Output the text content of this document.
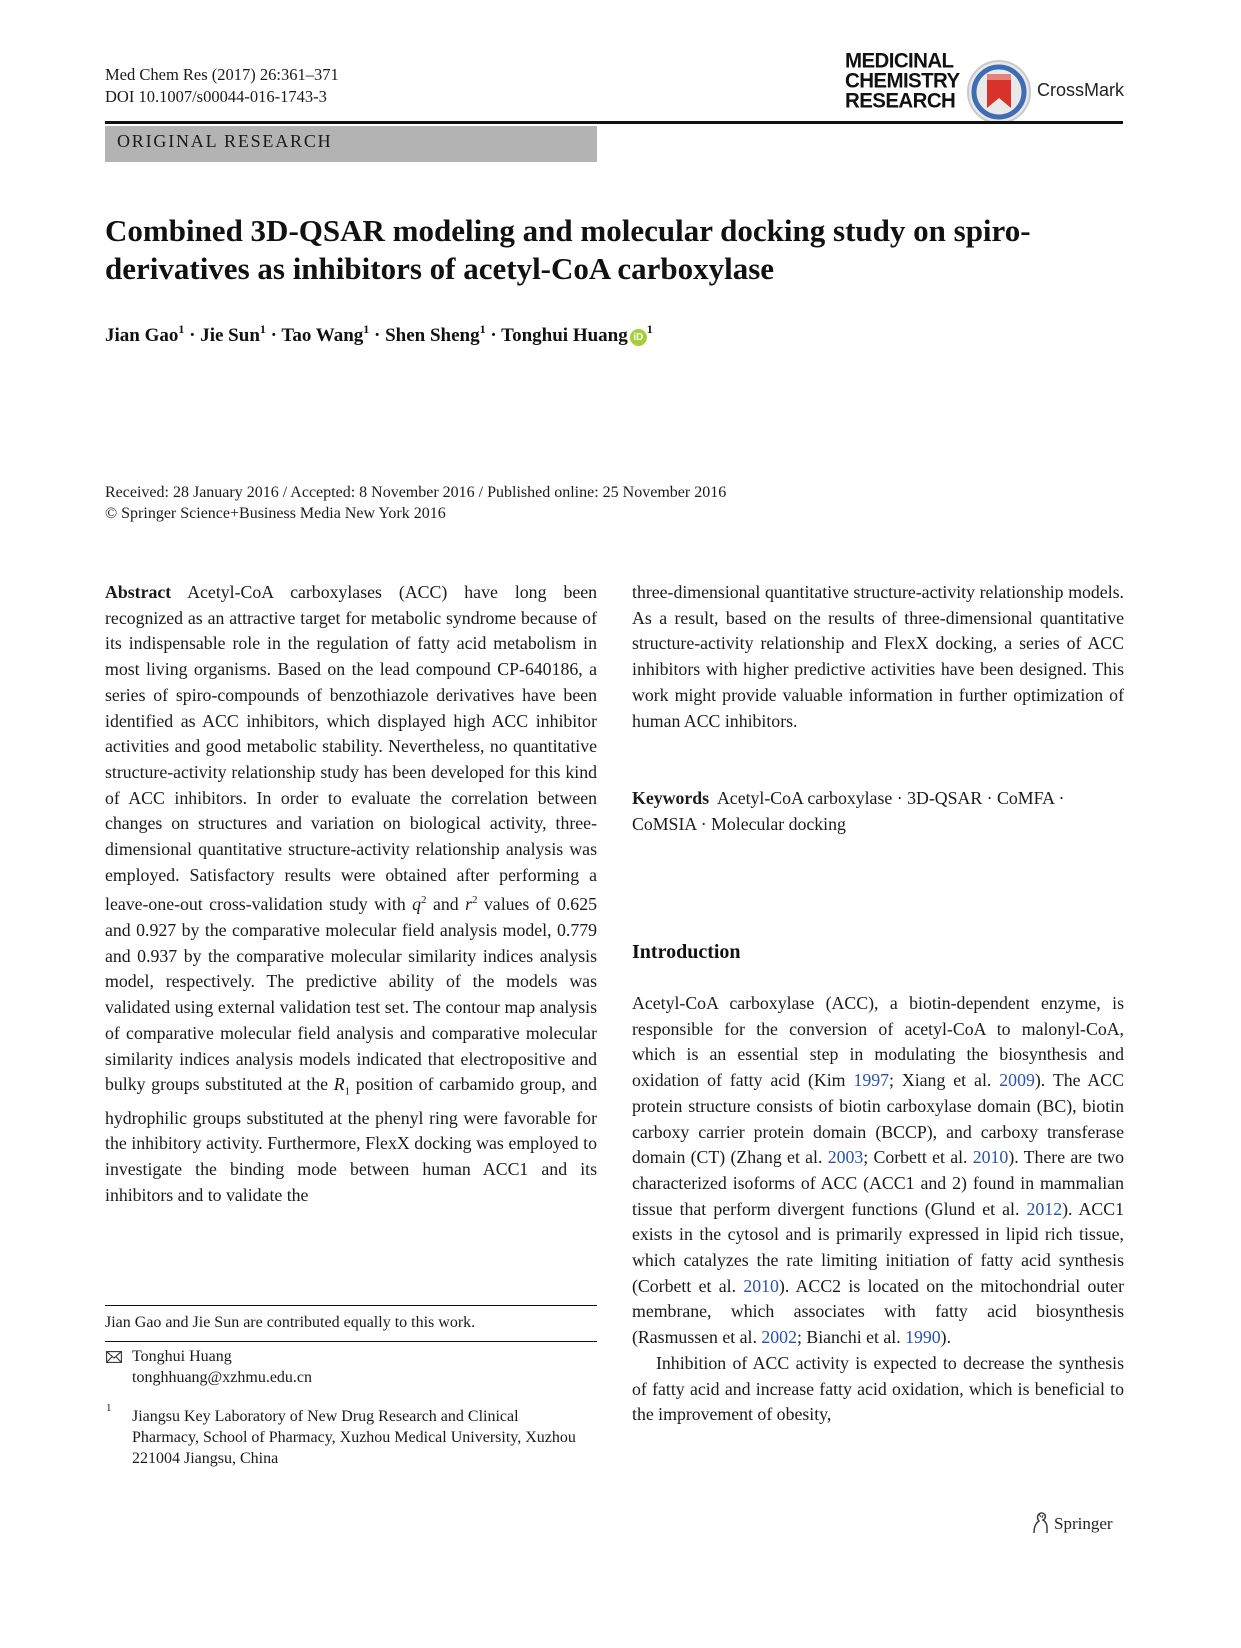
Med Chem Res (2017) 26:361–371
DOI 10.1007/s00044-016-1743-3
MEDICINAL
CHEMISTRY
RESEARCH	CrossMark
ORIGINAL RESEARCH
Combined 3D-QSAR modeling and molecular docking study on spiro-derivatives as inhibitors of acetyl-CoA carboxylase
Jian Gao$^1$ · Jie Sun$^1$ · Tao Wang$^1$ · Shen Sheng$^1$ · Tonghui Huang $iD^1$
Received: 28 January 2016 / Accepted: 8 November 2016 / Published online: 25 November 2016
© Springer Science+Business Media New York 2016

Abstract Acetyl-CoA carboxylases (ACC) have long been recognized as an attractive target for metabolic syndrome because of its indispensable role in the regulation of fatty acid metabolism in most living organisms. Based on the lead compound CP-640186, a series of spiro-compounds of benzothiazole derivatives have been identified as ACC inhibitors, which displayed high ACC inhibitor activities and good metabolic stability. Nevertheless, no quantitative structure-activity relationship study has been developed for this kind of ACC inhibitors. In order to evaluate the correlation between changes on structures and variation on biological activity, three-dimensional quantitative structure-activity relationship analysis was employed. Satisfactory results were obtained after performing a leave-one-out cross-validation study with $q^2$ and $r^2$ values of 0.625 and 0.927 by the comparative molecular field analysis model, 0.779 and 0.937 by the comparative molecular similarity indices analysis model, respectively. The predictive ability of the models was validated using external validation test set. The contour map analysis of comparative molecular field analysis and comparative molecular similarity indices analysis models indicated that electropositive and bulky groups substituted at the $R_1$ position of carbamido group, and hydrophilic groups substituted at the phenyl ring were favorable for the inhibitory activity. Furthermore, FlexX docking was employed to investigate the binding mode between human ACC1 and its inhibitors and to validate the

three-dimensional quantitative structure-activity relationship models. As a result, based on the results of three-dimensional quantitative structure-activity relationship and FlexX docking, a series of ACC inhibitors with higher predictive activities have been designed. This work might provide valuable information in further optimization of human ACC inhibitors.
Keywords Acetyl-CoA carboxylase · 3D-QSAR · CoMFA · CoMSIA · Molecular docking
Introduction

Acetyl-CoA carboxylase (ACC), a biotin-dependent enzyme, is responsible for the conversion of acetyl-CoA to malonyl-CoA, which is an essential step in modulating the biosynthesis and oxidation of fatty acid (Kim 1997; Xiang et al. 2009). The ACC protein structure consists of biotin carboxylase domain (BC), biotin carboxy carrier protein domain (BCCP), and carboxy transferase domain (CT) (Zhang et al. 2003; Corbett et al. 2010). There are two characterized isoforms of ACC (ACC1 and 2) found in mammalian tissue that perform divergent functions (Glund et al. 2012). ACC1 exists in the cytosol and is primarily expressed in lipid rich tissue, which catalyzes the rate limiting initiation of fatty acid synthesis (Corbett et al. 2010). ACC2 is located on the mitochondrial outer membrane, which associates with fatty acid biosynthesis (Rasmussen et al. 2002; Bianchi et al. 1990).

Inhibition of ACC activity is expected to decrease the synthesis of fatty acid and increase fatty acid oxidation, which is beneficial to the improvement of obesity,

Jian Gao and Jie Sun are contributed equally to this work.
Tonghui Huang
tonghhuang@xzhmu.edu.cn
1 Jiangsu Key Laboratory of New Drug Research and Clinical Pharmacy, School of Pharmacy, Xuzhou Medical University, Xuzhou 221004 Jiangsu, China
Springer
